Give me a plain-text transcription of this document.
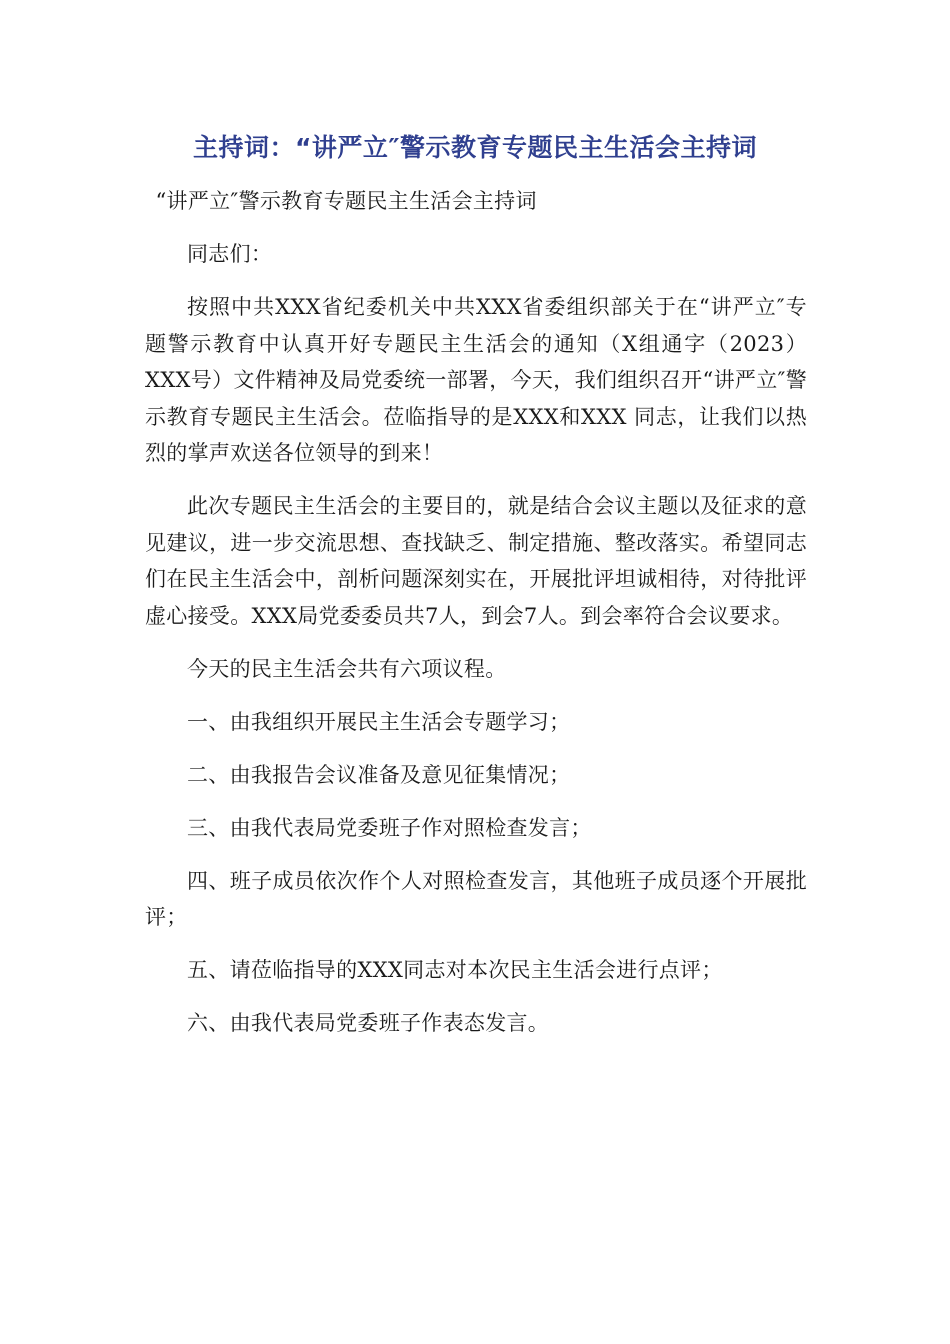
主持词：“讲严立″警示教育专题民主生活会主持词

“讲严立″警示教育专题民主生活会主持词

同志们：

按照中共XXX省纪委机关中共XXX省委组织部关于在“讲严立″专题警示教育中认真开好专题民主生活会的通知（X组通字（2023）XXX号）文件精神及局党委统一部署，今天，我们组织召开“讲严立″警示教育专题民主生活会。莅临指导的是XXX和XXX 同志，让我们以热烈的掌声欢送各位领导的到来！

此次专题民主生活会的主要目的，就是结合会议主题以及征求的意见建议，进一步交流思想、查找缺乏、制定措施、整改落实。希望同志们在民主生活会中，剖析问题深刻实在，开展批评坦诚相待，对待批评虚心接受。XXX局党委委员共7人，到会7人。到会率符合会议要求。

今天的民主生活会共有六项议程。

一、由我组织开展民主生活会专题学习；

二、由我报告会议准备及意见征集情况；

三、由我代表局党委班子作对照检查发言；

四、班子成员依次作个人对照检查发言，其他班子成员逐个开展批评；

五、请莅临指导的XXX同志对本次民主生活会进行点评；

六、由我代表局党委班子作表态发言。
